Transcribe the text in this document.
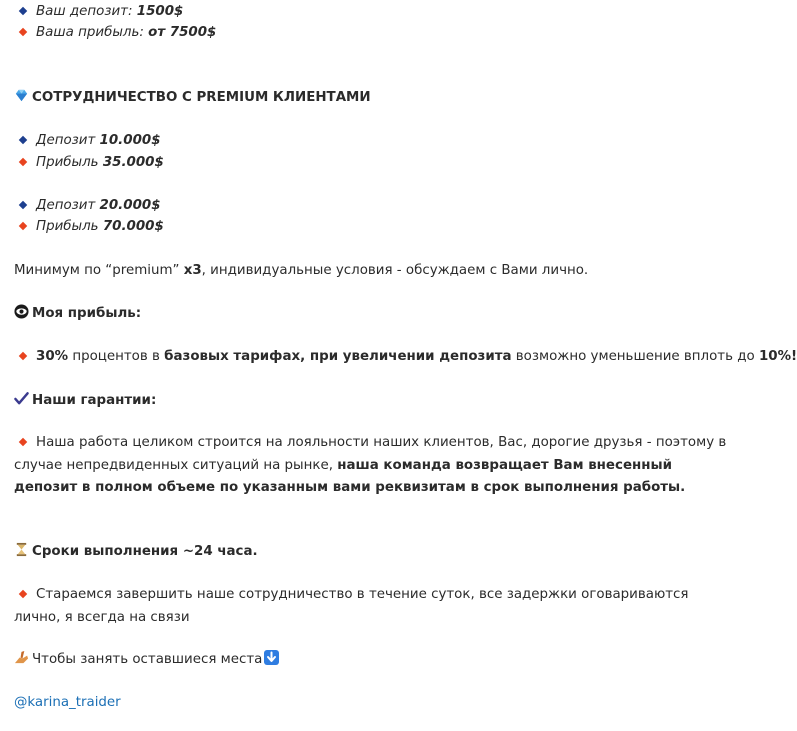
Ваш депозит: 1500$
Ваша прибыль: от 7500$
СОТРУДНИЧЕСТВО С PREMIUM КЛИЕНТАМИ
Депозит 10.000$
Прибыль 35.000$
Депозит 20.000$
Прибыль 70.000$
Минимум по “premium” x3, индивидуальные условия - обсуждаем с Вами лично.
Моя прибыль:
30% процентов в базовых тарифах, при увеличении депозита возможно уменьшение вплоть до 10%!
Наши гарантии:
Наша работа целиком строится на лояльности наших клиентов, Вас, дорогие друзья - поэтому в случае непредвиденных ситуаций на рынке, наша команда возвращает Вам внесенный депозит в полном объеме по указанным вами реквизитам в срок выполнения работы.
Сроки выполнения ~24 часа.
Стараемся завершить наше сотрудничество в течение суток, все задержки оговариваются лично, я всегда на связи
Чтобы занять оставшиеся места
@karina_traider
